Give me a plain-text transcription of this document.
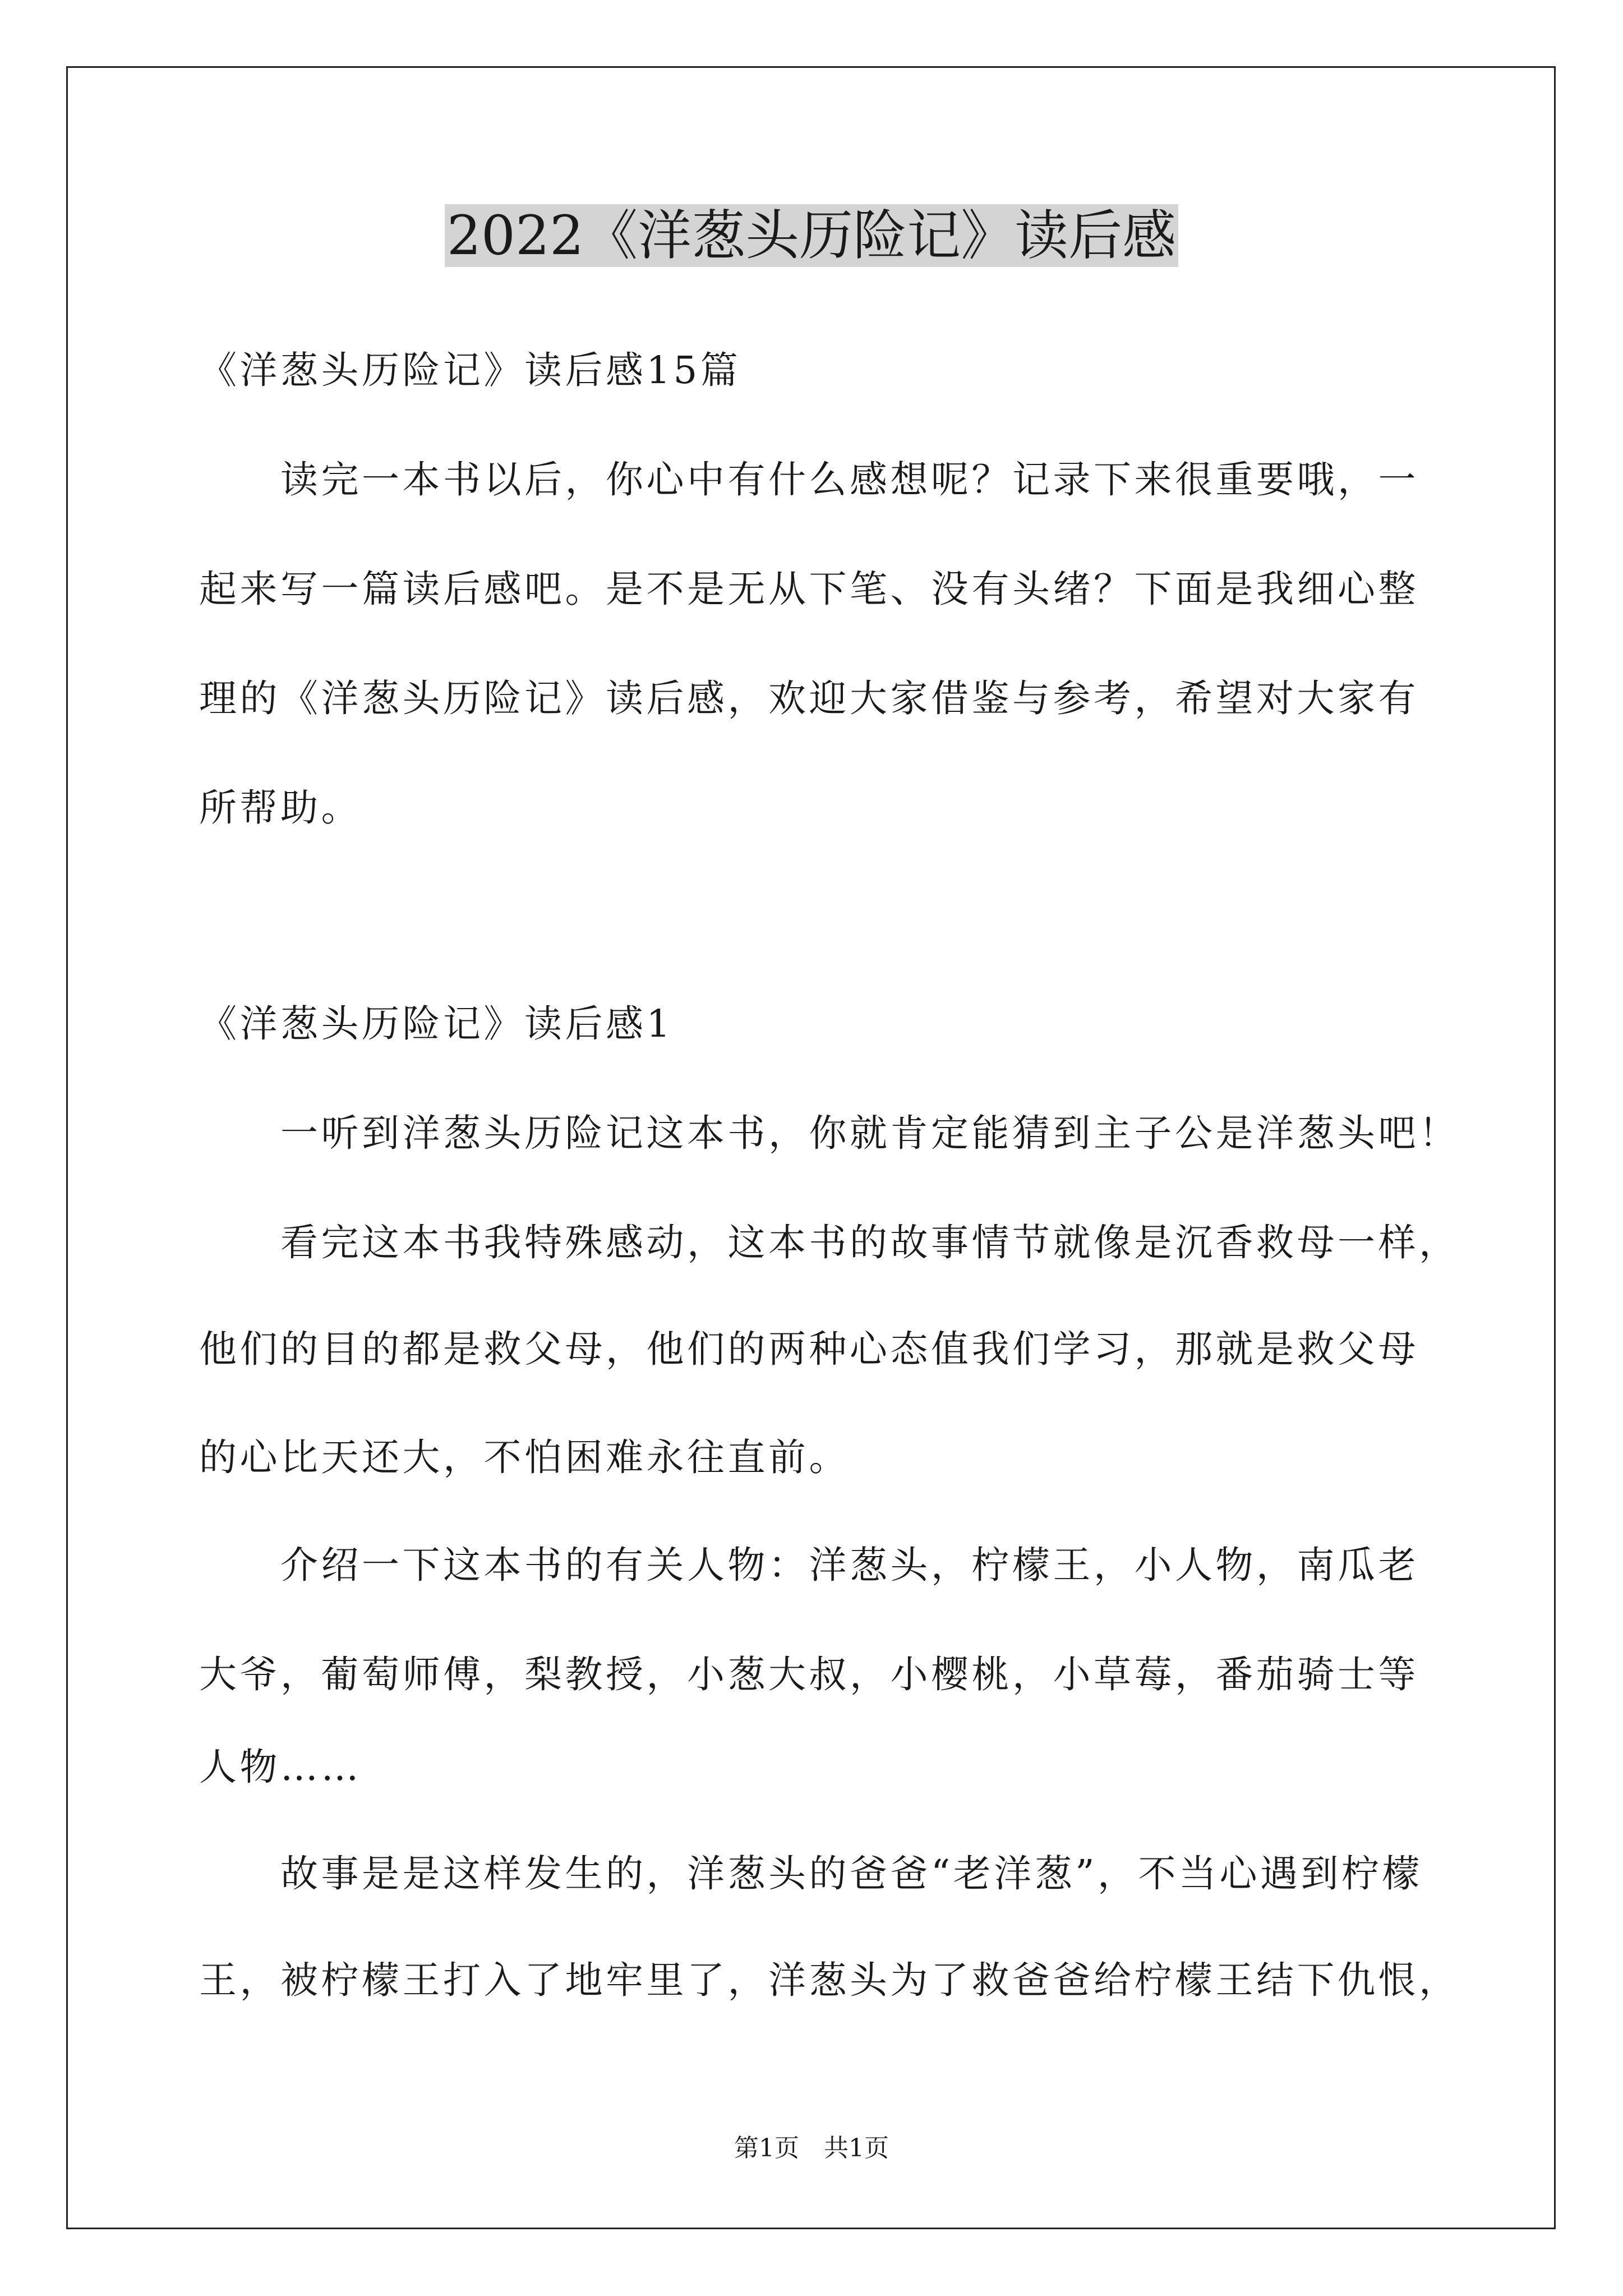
2022《洋葱头历险记》读后感
《洋葱头历险记》读后感15篇
读完一本书以后，你心中有什么感想呢？记录下来很重要哦，一
起来写一篇读后感吧。是不是无从下笔、没有头绪？下面是我细心整
理的《洋葱头历险记》读后感，欢迎大家借鉴与参考，希望对大家有
所帮助。
《洋葱头历险记》读后感1
一听到洋葱头历险记这本书，你就肯定能猜到主子公是洋葱头吧！
看完这本书我特殊感动，这本书的故事情节就像是沉香救母一样，
他们的目的都是救父母，他们的两种心态值我们学习，那就是救父母
的心比天还大，不怕困难永往直前。
介绍一下这本书的有关人物：洋葱头，柠檬王，小人物，南瓜老
大爷，葡萄师傅，梨教授，小葱大叔，小樱桃，小草莓，番茄骑士等
人物……
故事是是这样发生的，洋葱头的爸爸“老洋葱”，不当心遇到柠檬
王，被柠檬王打入了地牢里了，洋葱头为了救爸爸给柠檬王结下仇恨，
第1页　共1页
